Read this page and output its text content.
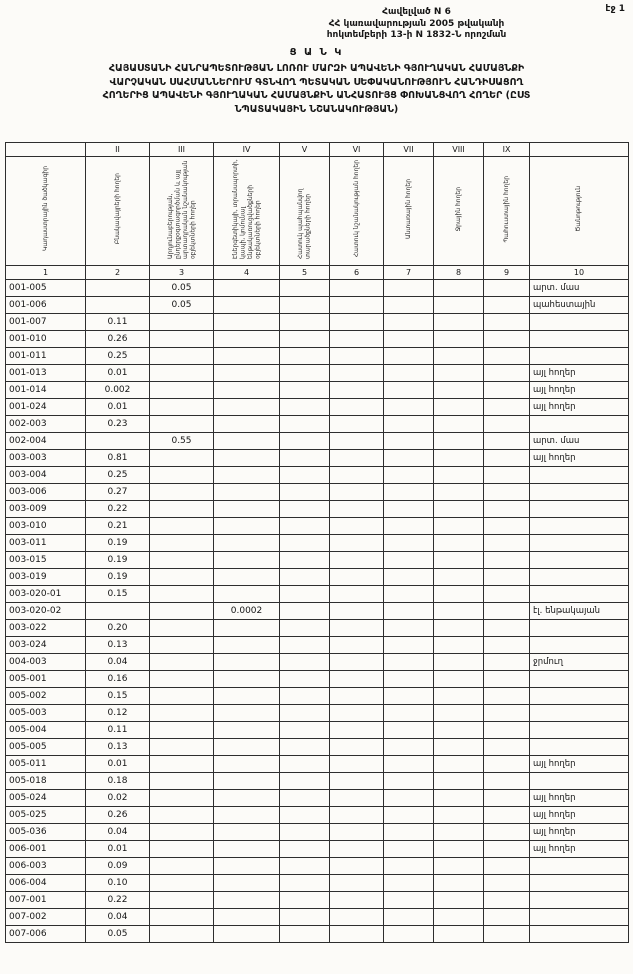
էջ 1
Հավելված N 6
ՀՀ կառավարության 2005 թվականի
հոկտեմբերի 13-ի N 1832-Ն որոշման
Ց Ա Ն Կ
ՀԱՅԱՍՏԱՆԻ ՀԱՆՐԱՊԵՏՈՒԹՅԱՆ ԼՈՌՈՒ ՄԱՐԶԻ ԱՊԱՎԵՆԻ ԳՅՈՒՂԱԿԱՆ ՀԱՄԱՅՆՔԻ
ՎԱՐՉԱԿԱՆ ՍԱՀՄԱՆՆԵՐՈՒՄ ԳՏՆՎՈՂ ՊԵՏԱԿԱՆ ՍԵՓԱԿԱՆՈՒԹՅՈՒՆ ՀԱՆԴԻՍԱՑՈՂ
ՀՈՂԵՐԻՑ ԱՊԱՎԵՆԻ ԳՅՈՒՂԱԿԱՆ ՀԱՄԱՅՆՔԻՆ ԱՆՀԱՏՈՒՅՑ ՓՈԽԱՆՑՎՈՂ ՀՈՂԵՐ (ԸՍՏ
ՆՊԱՏԱԿԱՅԻՆ ՆՇԱՆԱԿՈՒԹՅԱՆ)
	II	III	IV	V	VI	VII	VIII	IX	
Կադաստրային ծածկագիր	Բնակավայրերի հողեր	Արդյունաբերության, ընդերքօգտագործման և այլ արտադրական նշանակության օբյեկտների հողեր	Էներգետիկայի, տրանսպորտի, կապի, կոմունալ ենթակառուցվածքների օբյեկտների հողեր	Հատուկ պահպանվող տարածքների հողեր	Հատուկ նշանակության հողեր	Անտառային հողեր	Ջրային հողեր	Պահուստային հողեր	Ծանոթություն
1	2	3	4	5	6	7	8	9	10
001-005		0.05							արտ. մաս
001-006		0.05							պահեստային
001-007	0.11								
001-010	0.26								
001-011	0.25								
001-013	0.01								այլ հողեր
001-014	0.002								այլ հողեր
001-024	0.01								այլ հողեր
002-003	0.23								
002-004		0.55							արտ. մաս
003-003	0.81								այլ հողեր
003-004	0.25								
003-006	0.27								
003-009	0.22								
003-010	0.21								
003-011	0.19								
003-015	0.19								
003-019	0.19								
003-020-01	0.15								
003-020-02			0.0002						էլ. ենթակայան
003-022	0.20								
003-024	0.13								
004-003	0.04								ջրմուղ
005-001	0.16								
005-002	0.15								
005-003	0.12								
005-004	0.11								
005-005	0.13								
005-011	0.01								այլ հողեր
005-018	0.18								
005-024	0.02								այլ հողեր
005-025	0.26								այլ հողեր
005-036	0.04								այլ հողեր
006-001	0.01								այլ հողեր
006-003	0.09								
006-004	0.10								
007-001	0.22								
007-002	0.04								
007-006	0.05								
